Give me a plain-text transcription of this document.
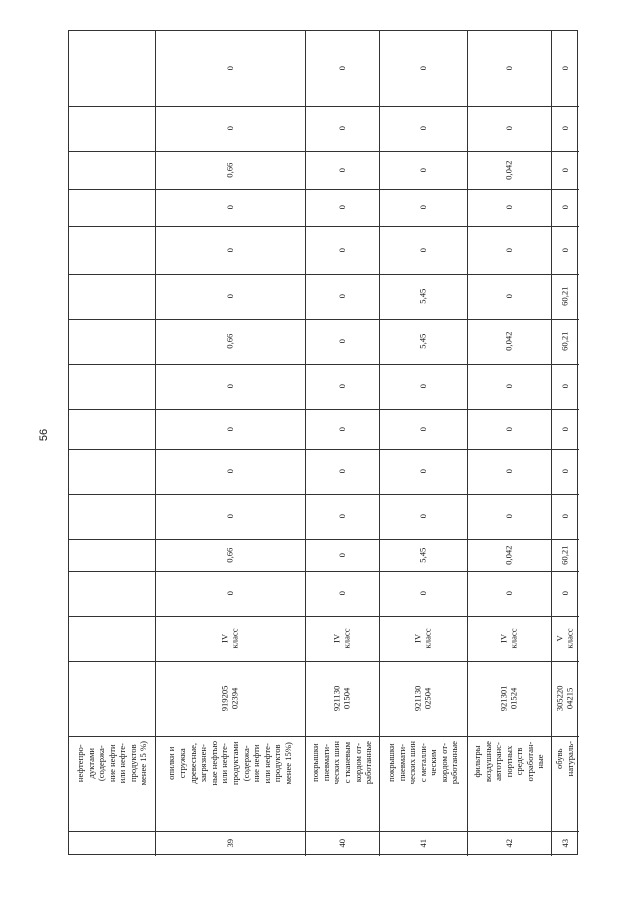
56
нефтепро-
дуктами
(содержа-
ние нефти
или нефте-
продуктов
менее 15 %)
39
опилки и
стружка
древесные,
загрязнен-
ные нефтью
или нефте-
продуктами
(содержа-
ние нефти
или нефте-
продуктов
менее 15%)
919205
02394
IV
класс
0
0,66
0
0
0
0
0,66
0
0
0
0,66
0
0
40
покрышки
пневмати-
ческих шин
с тканевым
кордом от-
работанные
921130
01504
IV
класс
0
0
0
0
0
0
0
0
0
0
0
0
0
41
покрышки
пневмати-
ческих шин
с металли-
ческим
кордом от-
работанные
921130
02504
IV
класс
0
5,45
0
0
0
0
5,45
5,45
0
0
0
0
0
42
фильтры
воздушные
автотранс-
портных
средств
отработан-
ные
921301
01524
IV
класс
0
0,042
0
0
0
0
0,042
0
0
0
0,042
0
0
43
обувь
натураль-
305220
04215
V
класс
0
60,21
0
0
0
0
60,21
60,21
0
0
0
0
0
